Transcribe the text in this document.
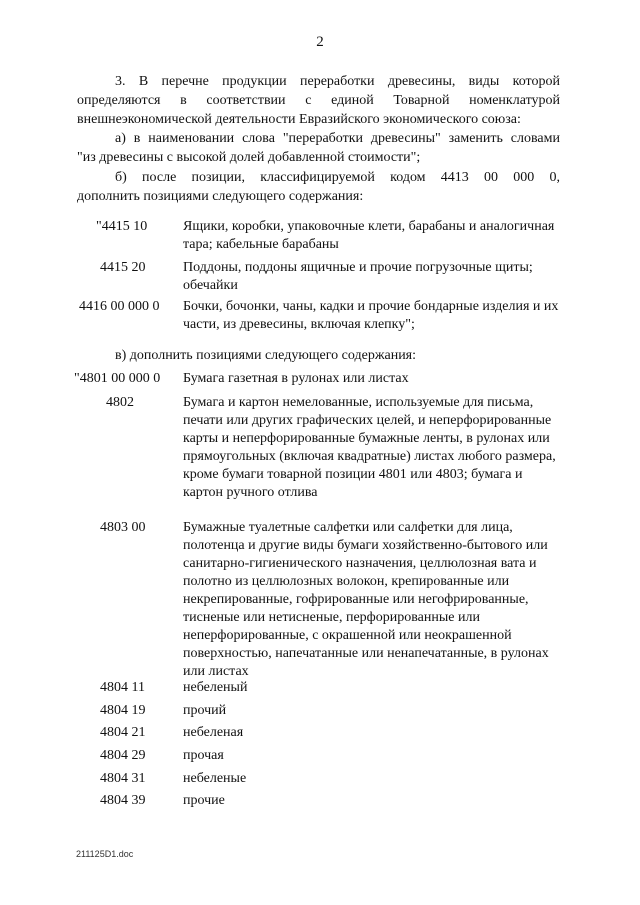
2

3. В перечне продукции переработки древесины, виды которой определяются в соответствии с единой Товарной номенклатурой внешнеэкономической деятельности Евразийского экономического союза:

а) в наименовании слова "переработки древесины" заменить словами

"из древесины с высокой долей добавленной стоимости";

б) после позиции, классифицируемой кодом 4413 00 000 0,

дополнить позициями следующего содержания:

"4415 10	Ящики, коробки, упаковочные клети, барабаны и аналогичная тара; кабельные барабаны
4415 20	Поддоны, поддоны ящичные и прочие погрузочные щиты; обечайки
4416 00 000 0	Бочки, бочонки, чаны, кадки и прочие бондарные изделия и их части, из древесины, включая клепку";

в) дополнить позициями следующего содержания:

"4801 00 000 0	Бумага газетная в рулонах или листах
4802	Бумага и картон немелованные, используемые для письма, печати или других графических целей, и неперфорированные карты и неперфорированные бумажные ленты, в рулонах или прямоугольных (включая квадратные) листах любого размера, кроме бумаги товарной позиции 4801 или 4803; бумага и картон ручного отлива
4803 00	Бумажные туалетные салфетки или салфетки для лица, полотенца и другие виды бумаги хозяйственно-бытового или санитарно-гигиенического назначения, целлюлозная вата и полотно из целлюлозных волокон, крепированные или некрепированные, гофрированные или негофрированные, тисненые или нетисненые, перфорированные или неперфорированные, с окрашенной или неокрашенной поверхностью, напечатанные или ненапечатанные, в рулонах или листах
4804 11	небеленый
4804 19	прочий
4804 21	небеленая
4804 29	прочая
4804 31	небеленые
4804 39	прочие
211125D1.doc
